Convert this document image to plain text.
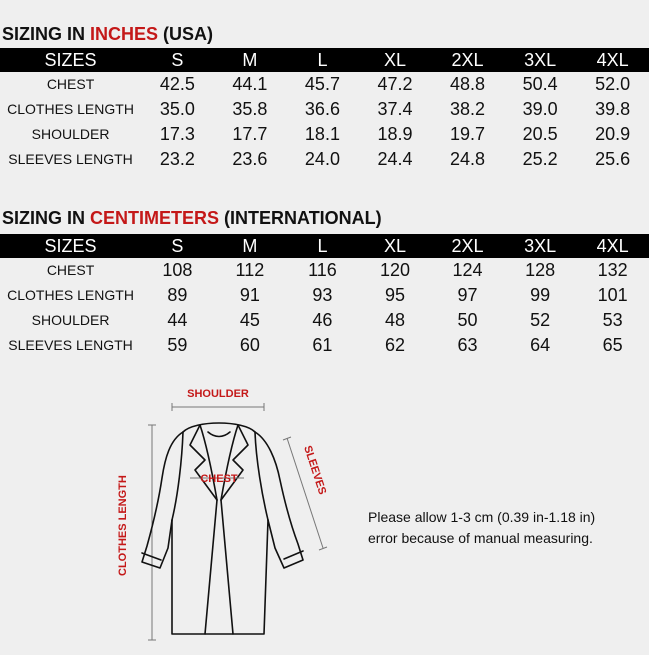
SIZING IN INCHES (USA)
SIZES	S	M	L	XL	2XL	3XL	4XL
CHEST	42.5	44.1	45.7	47.2	48.8	50.4	52.0
CLOTHES LENGTH	35.0	35.8	36.6	37.4	38.2	39.0	39.8
SHOULDER	17.3	17.7	18.1	18.9	19.7	20.5	20.9
SLEEVES LENGTH	23.2	23.6	24.0	24.4	24.8	25.2	25.6
SIZING IN CENTIMETERS (INTERNATIONAL)
SIZES	S	M	L	XL	2XL	3XL	4XL
CHEST	108	112	116	120	124	128	132
CLOTHES LENGTH	89	91	93	95	97	99	101
SHOULDER	44	45	46	48	50	52	53
SLEEVES LENGTH	59	60	61	62	63	64	65
SHOULDER
CLOTHES LENGTH
SLEEVES
CHEST
Please allow 1-3 cm (0.39 in-1.18 in)
error because of manual measuring.
